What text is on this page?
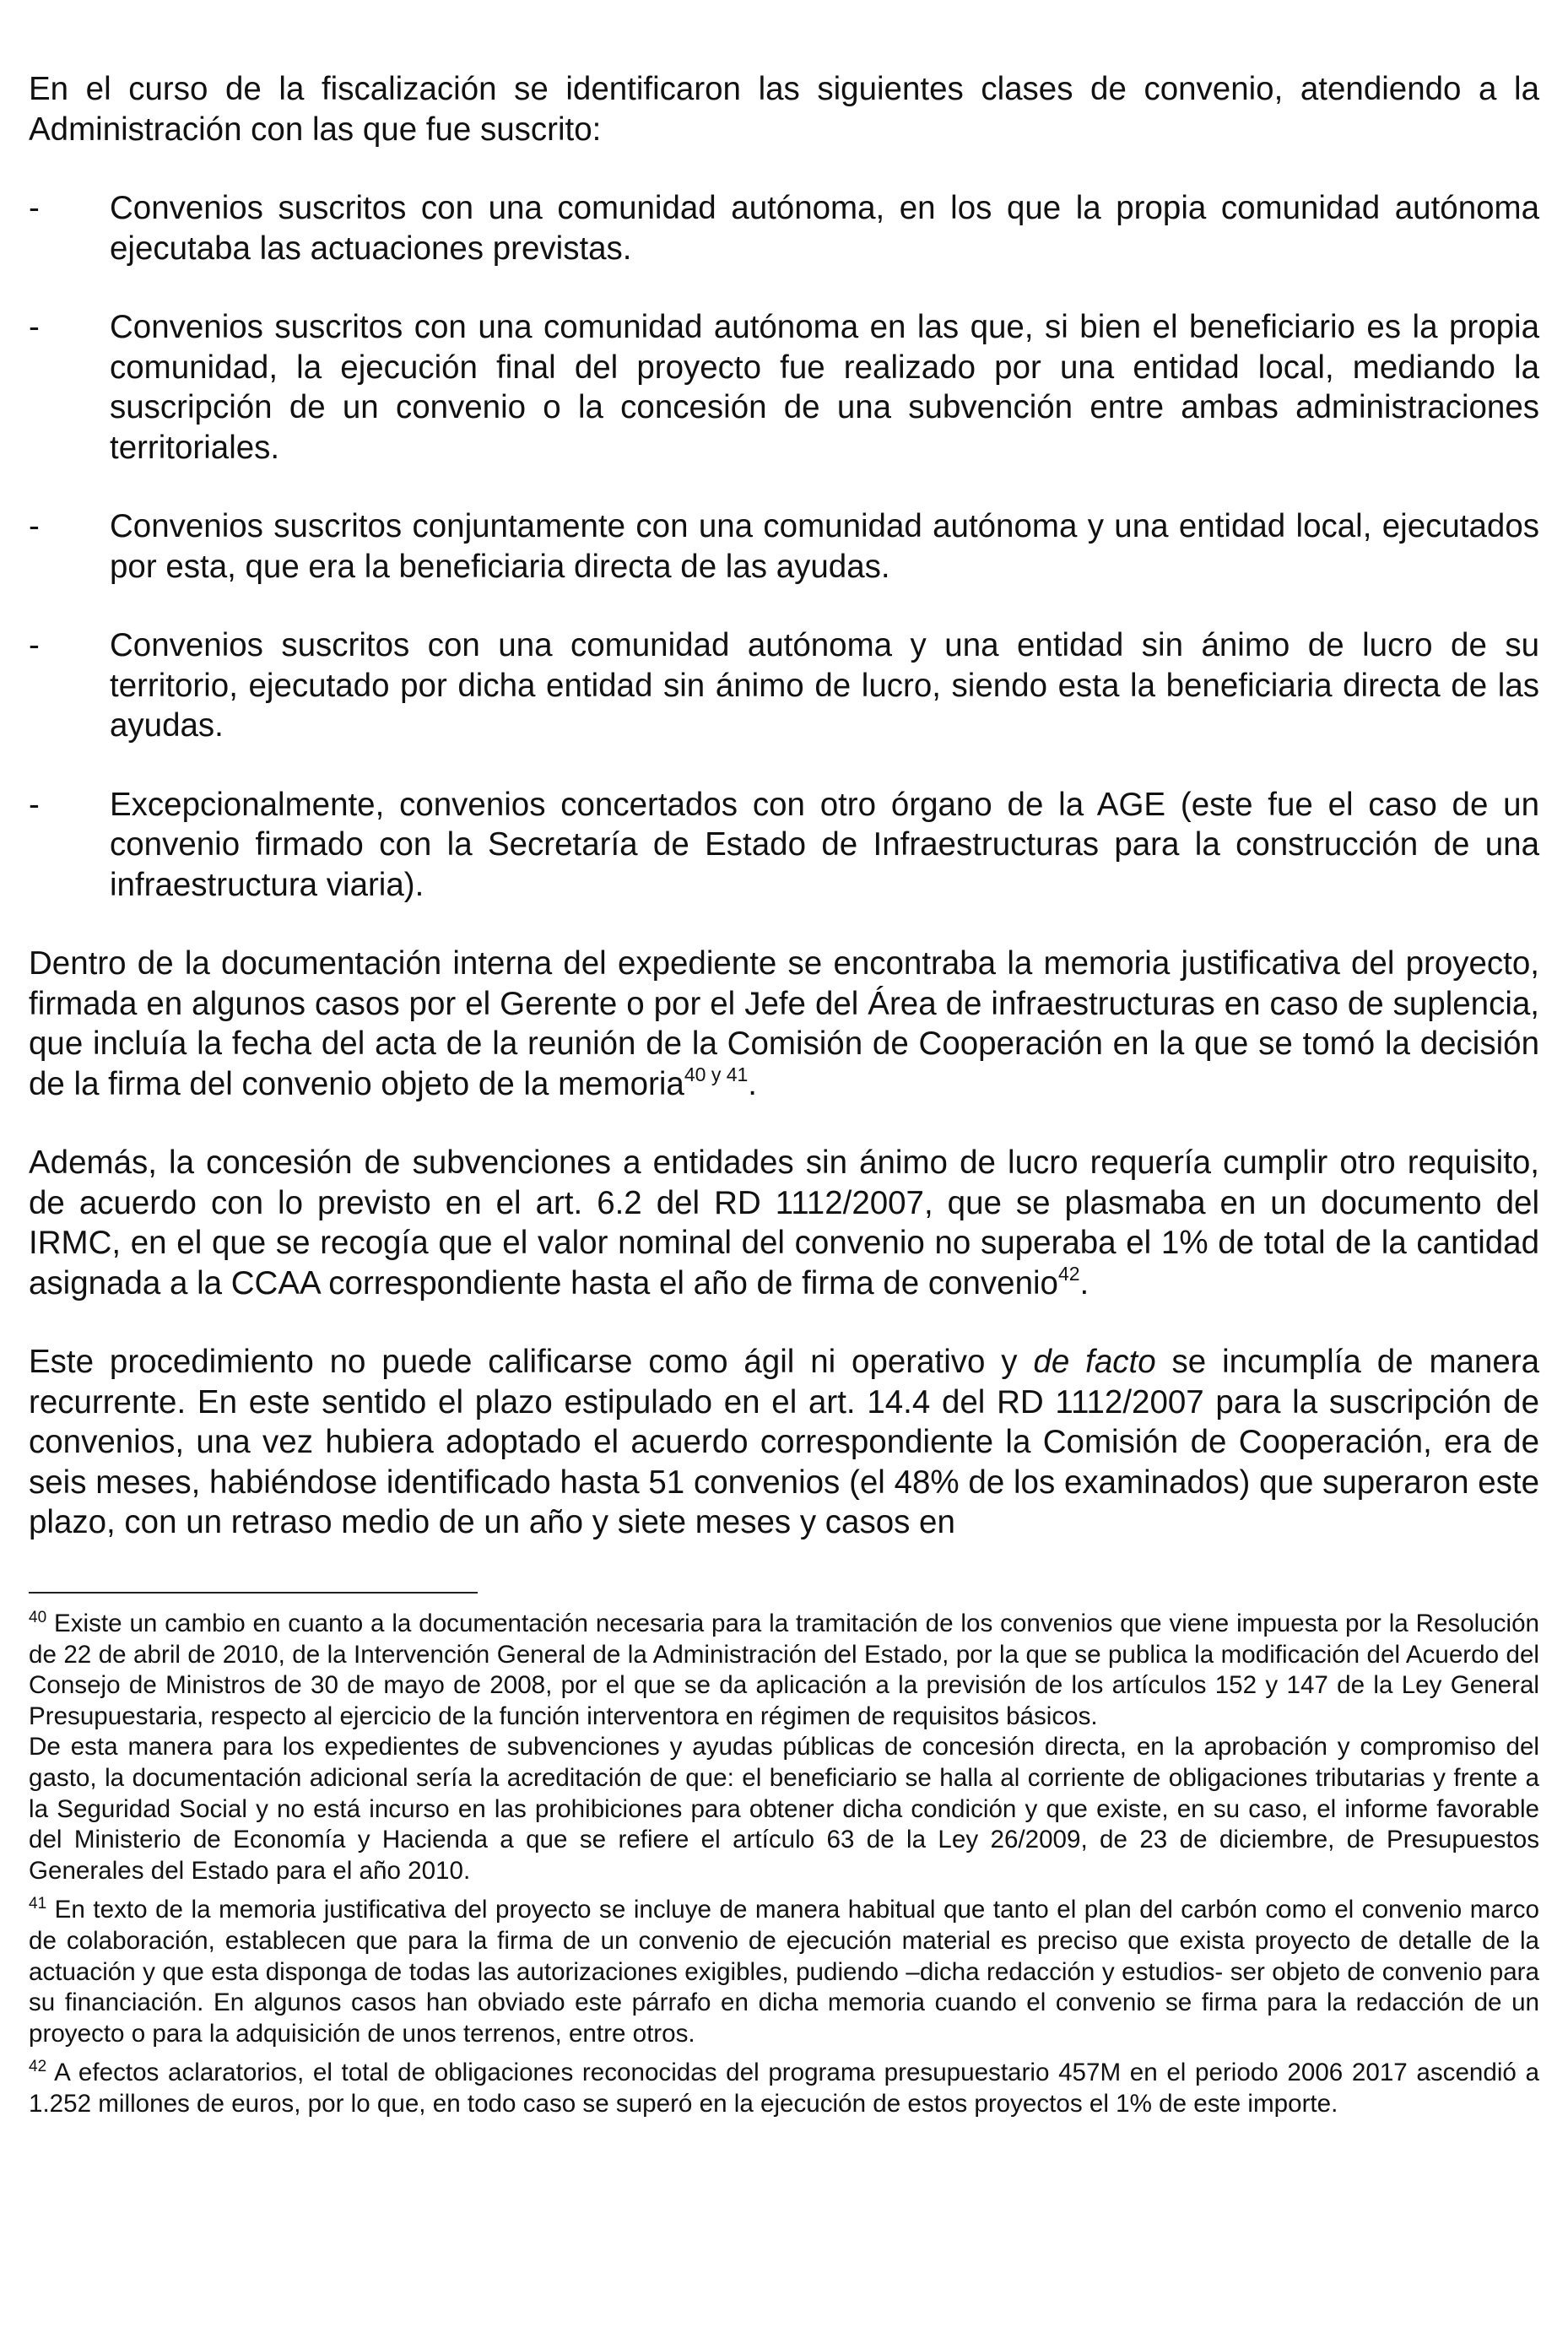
En el curso de la fiscalización se identificaron las siguientes clases de convenio, atendiendo a la Administración con las que fue suscrito:

-	Convenios suscritos con una comunidad autónoma, en los que la propia comunidad autónoma ejecutaba las actuaciones previstas.

-	Convenios suscritos con una comunidad autónoma en las que, si bien el beneficiario es la propia comunidad, la ejecución final del proyecto fue realizado por una entidad local, mediando la suscripción de un convenio o la concesión de una subvención entre ambas administraciones territoriales.

-	Convenios suscritos conjuntamente con una comunidad autónoma y una entidad local, ejecutados por esta, que era la beneficiaria directa de las ayudas.

-	Convenios suscritos con una comunidad autónoma y una entidad sin ánimo de lucro de su territorio, ejecutado por dicha entidad sin ánimo de lucro, siendo esta la beneficiaria directa de las ayudas.

-	Excepcionalmente, convenios concertados con otro órgano de la AGE (este fue el caso de un convenio firmado con la Secretaría de Estado de Infraestructuras para la construcción de una infraestructura viaria).

Dentro de la documentación interna del expediente se encontraba la memoria justificativa del proyecto, firmada en algunos casos por el Gerente o por el Jefe del Área de infraestructuras en caso de suplencia, que incluía la fecha del acta de la reunión de la Comisión de Cooperación en la que se tomó la decisión de la firma del convenio objeto de la memoria$^{40 y 41}$.

Además, la concesión de subvenciones a entidades sin ánimo de lucro requería cumplir otro requisito, de acuerdo con lo previsto en el art. 6.2 del RD 1112/2007, que se plasmaba en un documento del IRMC, en el que se recogía que el valor nominal del convenio no superaba el 1% de total de la cantidad asignada a la CCAA correspondiente hasta el año de firma de convenio$^{42}$.

Este procedimiento no puede calificarse como ágil ni operativo y de facto se incumplía de manera recurrente. En este sentido el plazo estipulado en el art. 14.4 del RD 1112/2007 para la suscripción de convenios, una vez hubiera adoptado el acuerdo correspondiente la Comisión de Cooperación, era de seis meses, habiéndose identificado hasta 51 convenios (el 48% de los examinados) que superaron este plazo, con un retraso medio de un año y siete meses y casos en

$^{40}$ Existe un cambio en cuanto a la documentación necesaria para la tramitación de los convenios que viene impuesta por la Resolución de 22 de abril de 2010, de la Intervención General de la Administración del Estado, por la que se publica la modificación del Acuerdo del Consejo de Ministros de 30 de mayo de 2008, por el que se da aplicación a la previsión de los artículos 152 y 147 de la Ley General Presupuestaria, respecto al ejercicio de la función interventora en régimen de requisitos básicos.

De esta manera para los expedientes de subvenciones y ayudas públicas de concesión directa, en la aprobación y compromiso del gasto, la documentación adicional sería la acreditación de que: el beneficiario se halla al corriente de obligaciones tributarias y frente a la Seguridad Social y no está incurso en las prohibiciones para obtener dicha condición y que existe, en su caso, el informe favorable del Ministerio de Economía y Hacienda a que se refiere el artículo 63 de la Ley 26/2009, de 23 de diciembre, de Presupuestos Generales del Estado para el año 2010.

$^{41}$ En texto de la memoria justificativa del proyecto se incluye de manera habitual que tanto el plan del carbón como el convenio marco de colaboración, establecen que para la firma de un convenio de ejecución material es preciso que exista proyecto de detalle de la actuación y que esta disponga de todas las autorizaciones exigibles, pudiendo –dicha redacción y estudios- ser objeto de convenio para su financiación. En algunos casos han obviado este párrafo en dicha memoria cuando el convenio se firma para la redacción de un proyecto o para la adquisición de unos terrenos, entre otros.

$^{42}$ A efectos aclaratorios, el total de obligaciones reconocidas del programa presupuestario 457M en el periodo 2006 2017 ascendió a 1.252 millones de euros, por lo que, en todo caso se superó en la ejecución de estos proyectos el 1% de este importe.
